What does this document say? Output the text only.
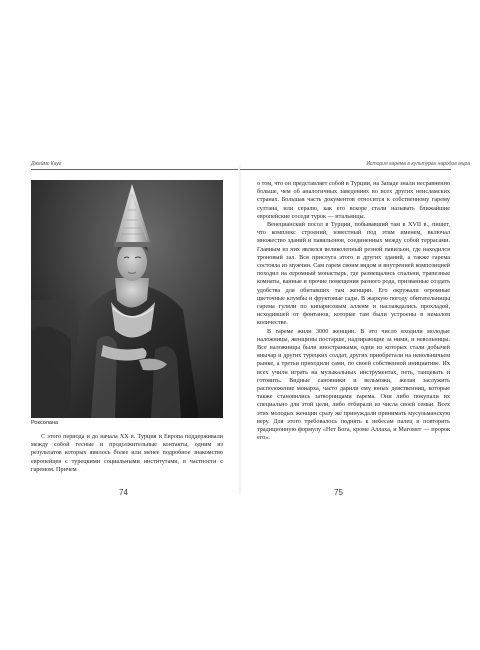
Джеймс Кауг
Роксолана

С этого периода и до начала XX в. Турция и Европа поддерживали между собой тесные и продолжительные контакты, одним из результатов которых явилось более или менее подробное знакомство европейцев с турецкими социальными институтами, в частности с гаремом. Причем

74
История гарема в культурах народов мира

о том, что он представляет собой в Турции, на Западе знали несравненно больше, чем об аналогичных заведениях во всех других неисламских странах. Большая часть документов относится к собственному гарему султана, или сералю, как его вскоре стали называть ближайшие европейские соседи турок — итальянцы.

Венецианский посол в Турции, побывавший там в XVII в., пишет, что комплекс строений, известный под этим именем, включал множество зданий и павильонов, соединенных между собой террасами. Главным из них являлся великолепный резной павильон, где находился троновый зал. Вся прислуга этого и других зданий, а также гарема состояла из мужчин. Сам гарем своим видом и внутренней композицией походил на огромный монастырь, где размещались спальни, трапезные комнаты, ванные и прочие помещения разного рода, призванные создать удобства для обитавших там женщин. Его окружали огромные цветочные клумбы и фруктовые сады. В жаркую погоду обитательницы гарема гуляли по кипарисовым аллеям и наслаждались прохладой, исходившей от фонтанов, которые там были устроены в немалом количестве.

В гареме жили 3000 женщин. В это число входили молодые наложницы, женщины постарше, надзирающие за ними, и невольницы. Все наложницы были иностранками, одни из которых стали добычей янычар и других турецких солдат, других приобретали на невольничьем рынке, а третьи приходили сами, по своей собственной инициативе. Их всех учили играть на музыкальных инструментах, петь, танцевать и готовить. Видные сановники и вельможи, желая заслужить расположение монарха, часто дарили ему юных девственниц, которые также становились затворницами гарема. Они либо покупали их специально для этой цели, либо отбирали из числа своей семьи. Всех этих молодых женщин сразу же принуждали принимать мусульманскую веру. Для этого требовалось поднять к небесам палец и повторить традиционную формулу «Нет Бога, кроме Аллаха, и Магомет — пророк его».

75
